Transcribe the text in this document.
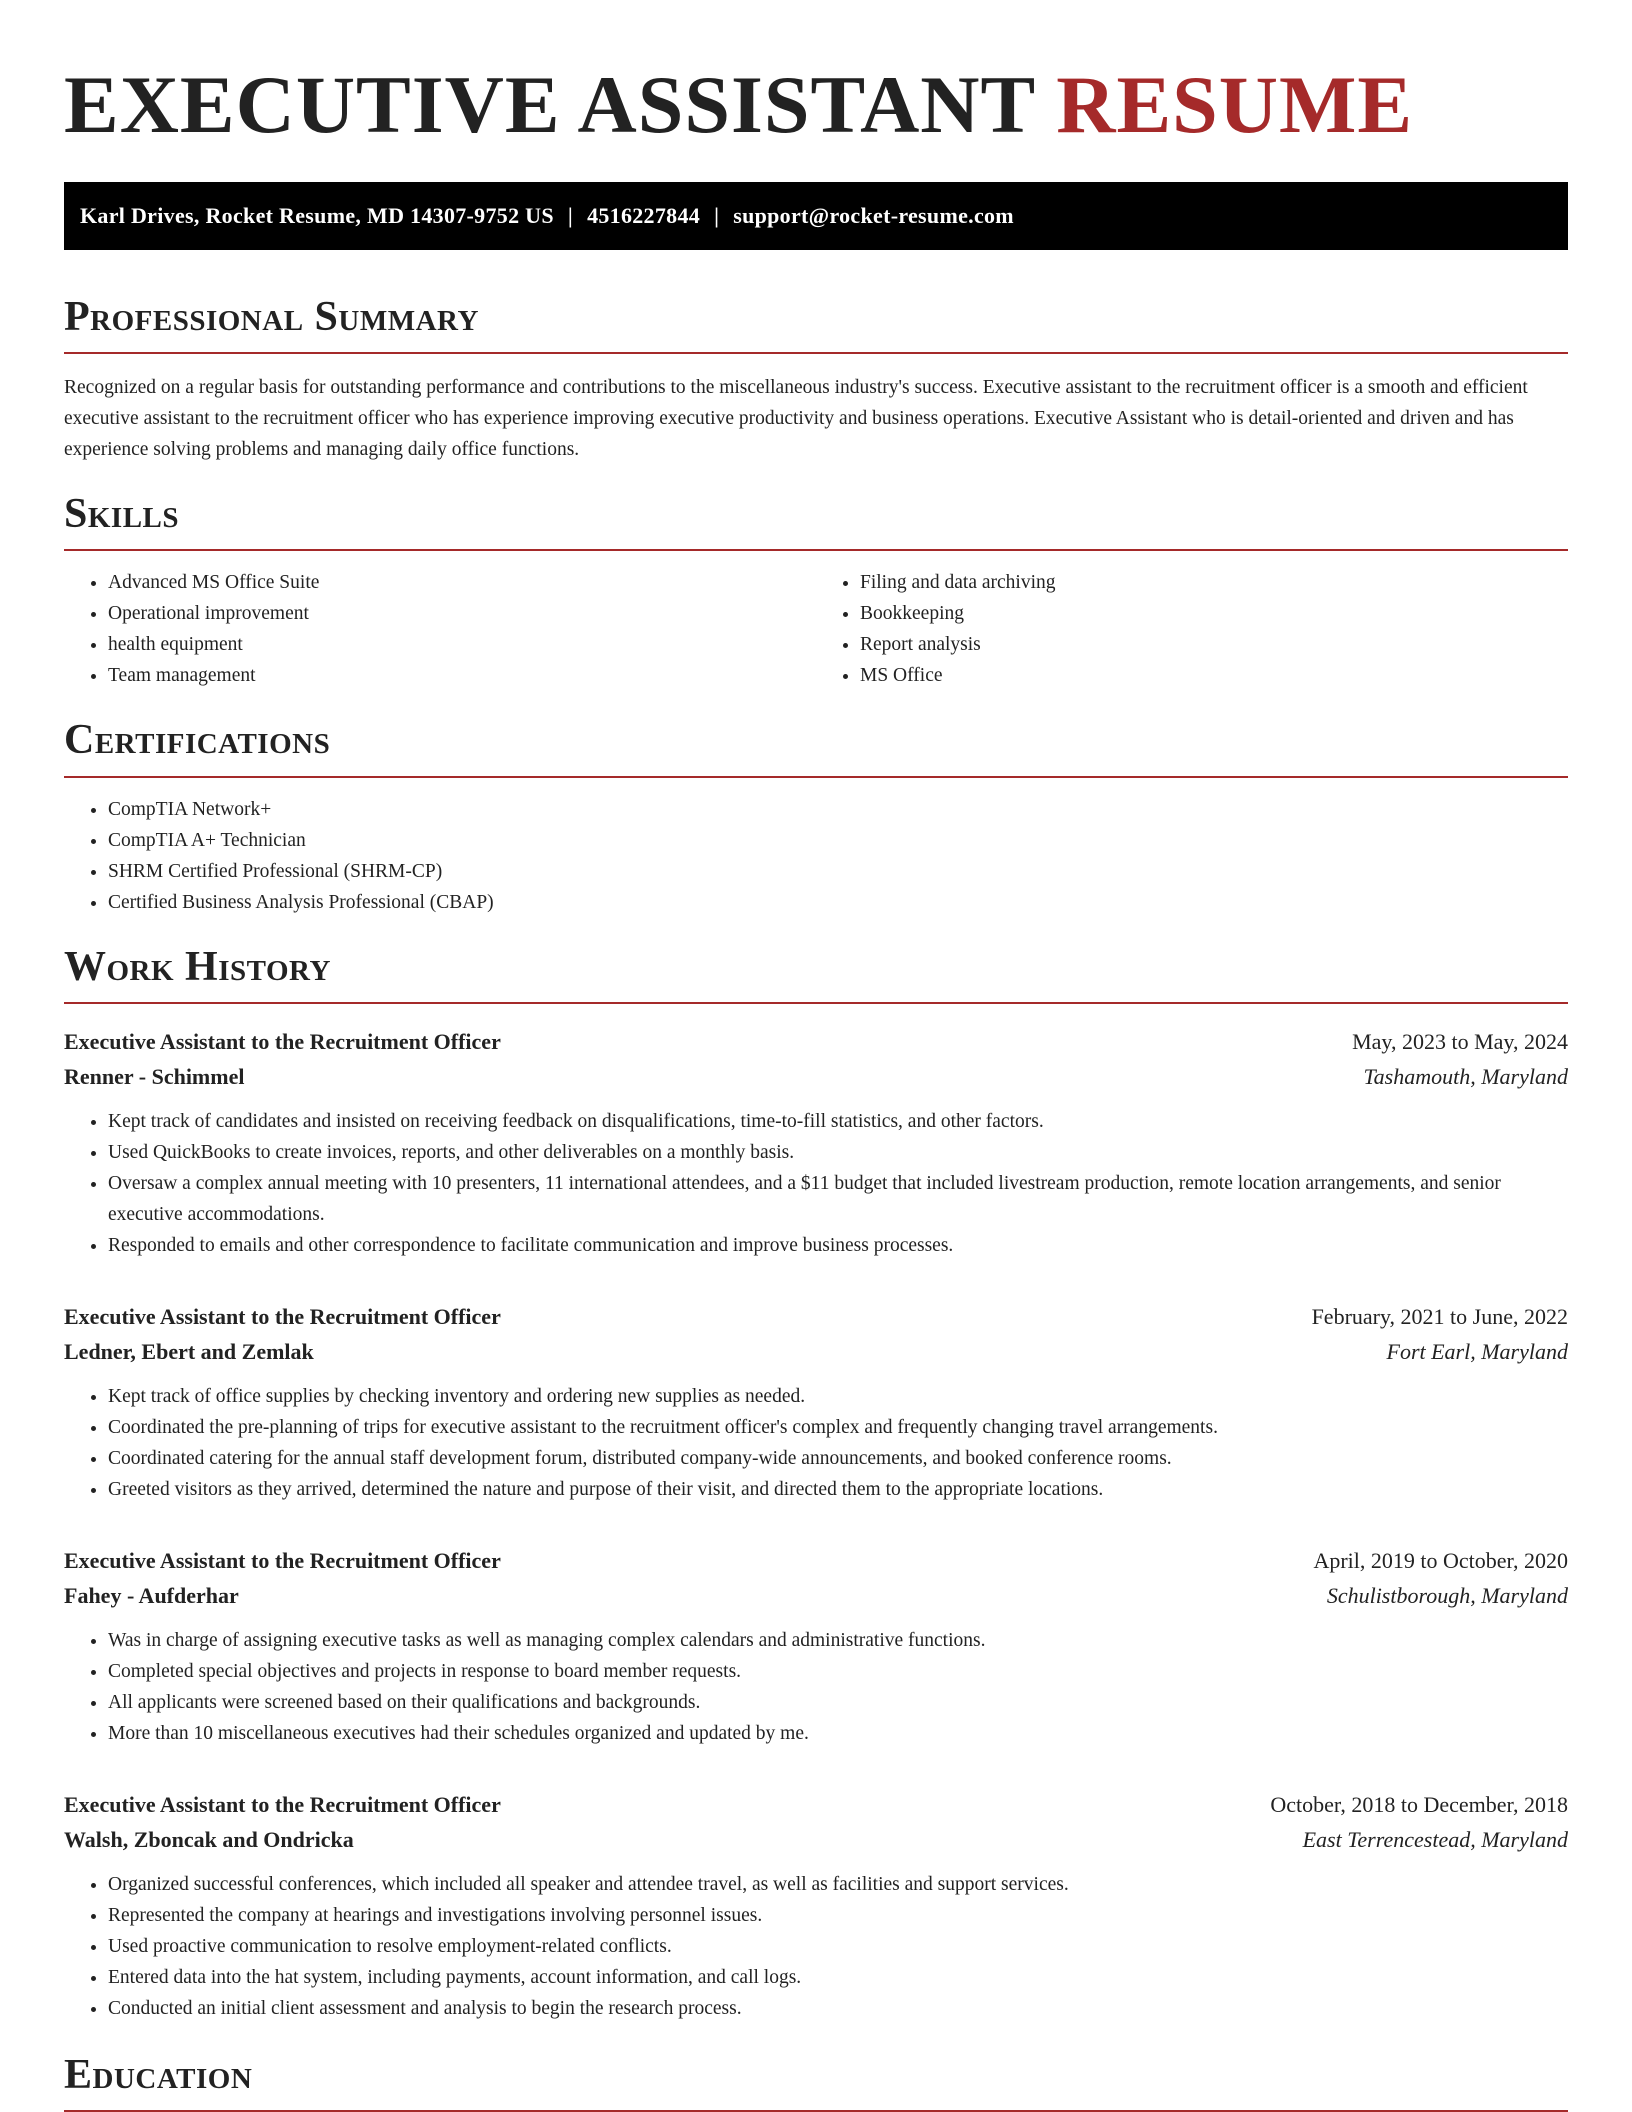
EXECUTIVE ASSISTANT RESUME
Karl Drives, Rocket Resume, MD 14307-9752 US | 4516227844 | support@rocket-resume.com
Professional Summary

Recognized on a regular basis for outstanding performance and contributions to the miscellaneous industry's success. Executive assistant to the recruitment officer is a smooth and efficient executive assistant to the recruitment officer who has experience improving executive productivity and business operations. Executive Assistant who is detail-oriented and driven and has experience solving problems and managing daily office functions.

Skills
• Advanced MS Office Suite
• Operational improvement
• health equipment
• Team management
• Filing and data archiving
• Bookkeeping
• Report analysis
• MS Office
Certifications
• CompTIA Network+
• CompTIA A+ Technician
• SHRM Certified Professional (SHRM-CP)
• Certified Business Analysis Professional (CBAP)
Work History
Executive Assistant to the Recruitment Officer	May, 2023 to May, 2024
Renner - Schimmel	Tashamouth, Maryland
• Kept track of candidates and insisted on receiving feedback on disqualifications, time-to-fill statistics, and other factors.
• Used QuickBooks to create invoices, reports, and other deliverables on a monthly basis.
• Oversaw a complex annual meeting with 10 presenters, 11 international attendees, and a $11 budget that included livestream production, remote location arrangements, and senior executive accommodations.
• Responded to emails and other correspondence to facilitate communication and improve business processes.
Executive Assistant to the Recruitment Officer	February, 2021 to June, 2022
Ledner, Ebert and Zemlak	Fort Earl, Maryland
• Kept track of office supplies by checking inventory and ordering new supplies as needed.
• Coordinated the pre-planning of trips for executive assistant to the recruitment officer's complex and frequently changing travel arrangements.
• Coordinated catering for the annual staff development forum, distributed company-wide announcements, and booked conference rooms.
• Greeted visitors as they arrived, determined the nature and purpose of their visit, and directed them to the appropriate locations.
Executive Assistant to the Recruitment Officer	April, 2019 to October, 2020
Fahey - Aufderhar	Schulistborough, Maryland
• Was in charge of assigning executive tasks as well as managing complex calendars and administrative functions.
• Completed special objectives and projects in response to board member requests.
• All applicants were screened based on their qualifications and backgrounds.
• More than 10 miscellaneous executives had their schedules organized and updated by me.
Executive Assistant to the Recruitment Officer	October, 2018 to December, 2018
Walsh, Zboncak and Ondricka	East Terrencestead, Maryland
• Organized successful conferences, which included all speaker and attendee travel, as well as facilities and support services.
• Represented the company at hearings and investigations involving personnel issues.
• Used proactive communication to resolve employment-related conflicts.
• Entered data into the hat system, including payments, account information, and call logs.
• Conducted an initial client assessment and analysis to begin the research process.
Education
